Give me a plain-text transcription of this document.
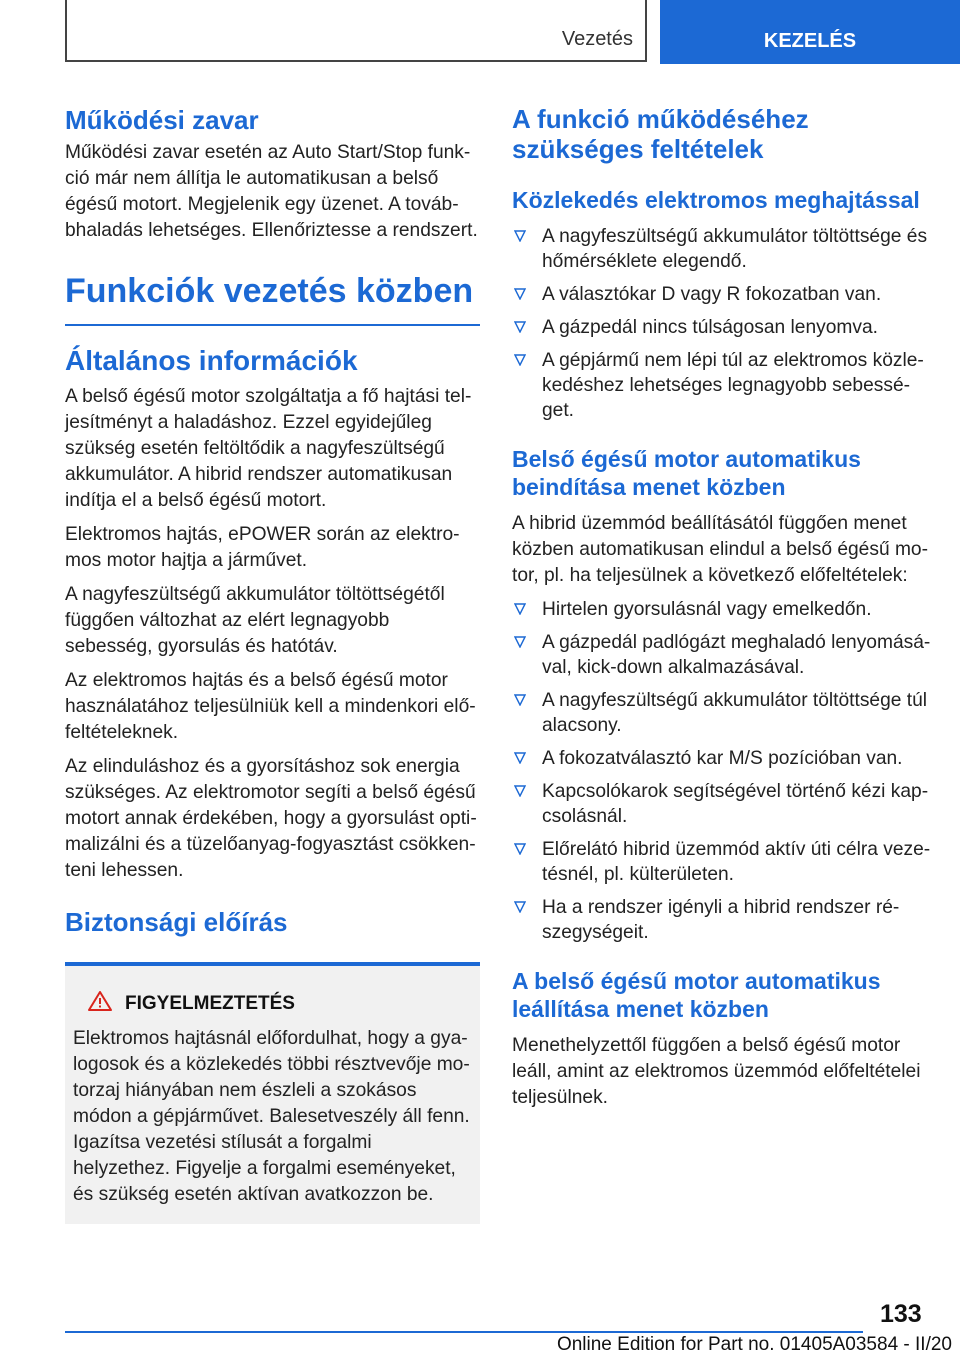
Vezetés	KEZELÉS
Működési zavar

Működési zavar esetén az Auto Start/Stop funkció már nem állítja le automatikusan a belső égésű motort. Megjelenik egy üzenet. A továbbhaladás lehetséges. Ellenőriztesse a rendszert.

Funkciók vezetés közben
Általános információk

A belső égésű motor szolgáltatja a fő hajtási teljesítményt a haladáshoz. Ezzel egyidejűleg szükség esetén feltöltődik a nagyfeszültségű akkumulátor. A hibrid rendszer automatikusan indítja el a belső égésű motort.

Elektromos hajtás, ePOWER során az elektromos motor hajtja a járművet.

A nagyfeszültségű akkumulátor töltöttségétől függően változhat az elért legnagyobb sebesség, gyorsulás és hatótáv.

Az elektromos hajtás és a belső égésű motor használatához teljesülniük kell a mindenkori előfeltételeknek.

Az elinduláshoz és a gyorsításhoz sok energia szükséges. Az elektromotor segíti a belső égésű motort annak érdekében, hogy a gyorsulást optimalizálni és a tüzelőanyag-fogyasztást csökkenteni lehessen.

Biztonsági előírás
FIGYELMEZTETÉS

Elektromos hajtásnál előfordulhat, hogy a gyalogosok és a közlekedés többi résztvevője motorzaj hiányában nem észleli a szokásos módon a gépjárművet. Balesetveszély áll fenn. Igazítsa vezetési stílusát a forgalmi helyzethez. Figyelje a forgalmi eseményeket, és szükség esetén aktívan avatkozzon be.

A funkció működéséhez szükséges feltételek
Közlekedés elektromos meghajtással
A nagyfeszültségű akkumulátor töltöttsége és hőmérséklete elegendő.
A választókar D vagy R fokozatban van.
A gázpedál nincs túlságosan lenyomva.
A gépjármű nem lépi túl az elektromos közlekedéshez lehetséges legnagyobb sebességet.
Belső égésű motor automatikus beindítása menet közben

A hibrid üzemmód beállításától függően menet közben automatikusan elindul a belső égésű motor, pl. ha teljesülnek a következő előfeltételek:

Hirtelen gyorsulásnál vagy emelkedőn.
A gázpedál padlógázt meghaladó lenyomásával, kick-down alkalmazásával.
A nagyfeszültségű akkumulátor töltöttsége túl alacsony.
A fokozatválasztó kar M/S pozícióban van.
Kapcsolókarok segítségével történő kézi kapcsolásnál.
Előrelátó hibrid üzemmód aktív úti célra vezetésnél, pl. külterületen.
Ha a rendszer igényli a hibrid rendszer részegységeit.
A belső égésű motor automatikus leállítása menet közben

Menethelyzettől függően a belső égésű motor leáll, amint az elektromos üzemmód előfeltételei teljesülnek.

133
Online Edition for Part no. 01405A03584 - II/20
